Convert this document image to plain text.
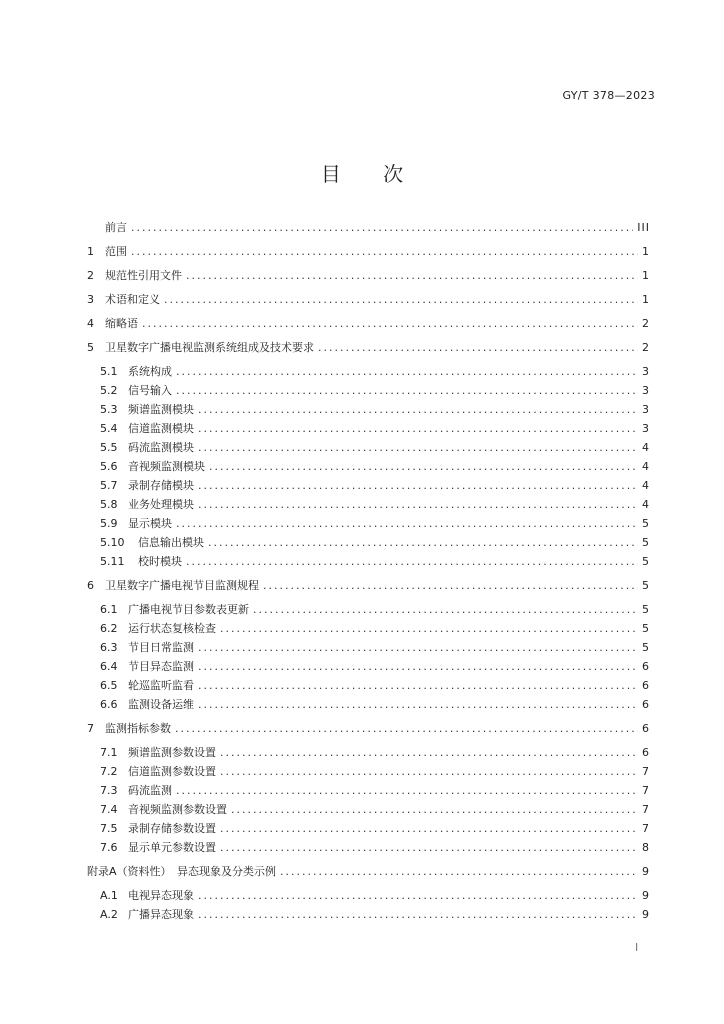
GY/T 378—2023
目 次
前言 .....	III
1	范围 .....	1
2	规范性引用文件 .....	1
3	术语和定义 .....	1
4	缩略语 .....	2
5	卫星数字广播电视监测系统组成及技术要求 .....	2
5.1 系统构成 .....	3
5.2 信号输入 .....	3
5.3 频谱监测模块 .....	3
5.4 信道监测模块 .....	3
5.5 码流监测模块 .....	4
5.6 音视频监测模块 .....	4
5.7 录制存储模块 .....	4
5.8 业务处理模块 .....	4
5.9 显示模块 .....	5
5.10	信息输出模块 .....	5
5.11	校时模块 .....	5
6	卫星数字广播电视节目监测规程 .....	5
6.1 广播电视节目参数表更新 .....	5
6.2 运行状态复核检查 .....	5
6.3 节目日常监测 .....	5
6.4 节目异态监测 .....	6
6.5 轮巡监听监看 .....	6
6.6 监测设备运维 .....	6
7	监测指标参数 .....	6
7.1 频谱监测参数设置 .....	6
7.2 信道监测参数设置 .....	7
7.3 码流监测 .....	7
7.4 音视频监测参数设置 .....	7
7.5 录制存储参数设置 .....	7
7.6 显示单元参数设置 .....	8
附录A（资料性）　异态现象及分类示例 .....	9
A.1 电视异态现象 .....	9
A.2 广播异态现象 .....	9
I
